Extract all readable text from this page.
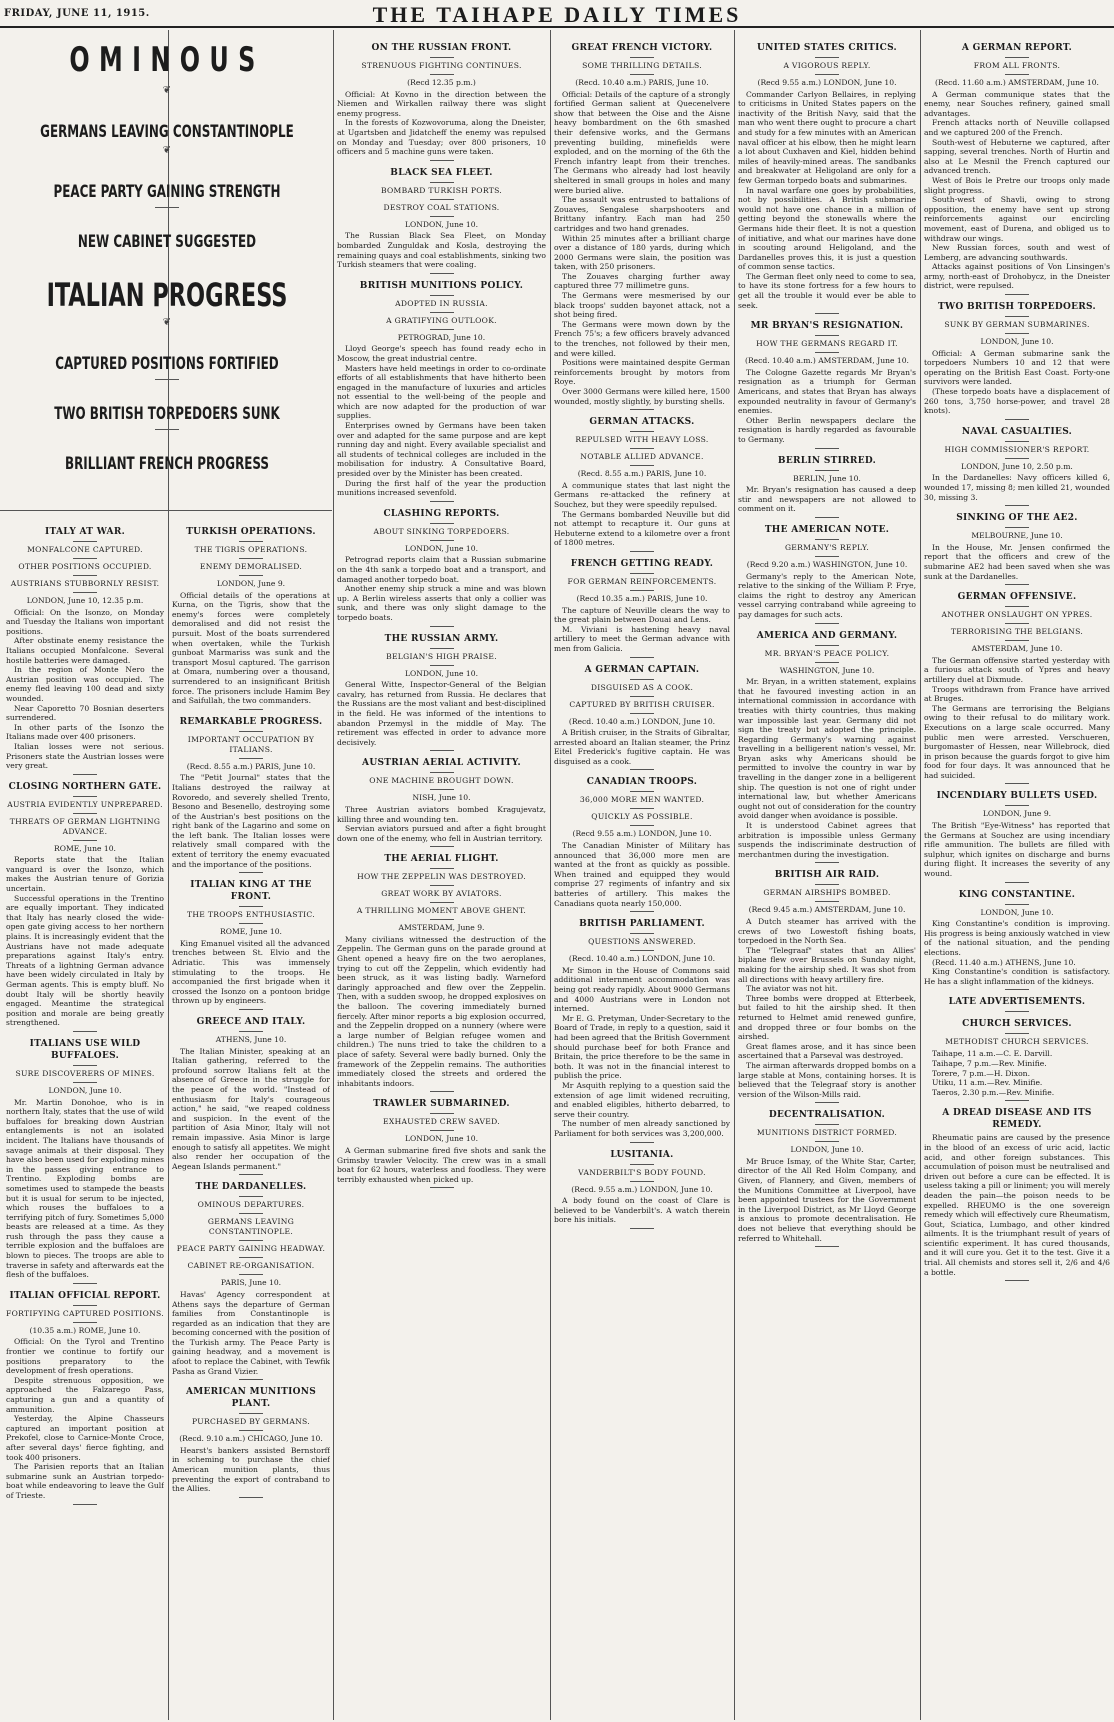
FRIDAY, JUNE 11, 1915.	THE TAIHAPE DAILY TIMES
OMINOUS
❦
GERMANS LEAVING CONSTANTINOPLE
❦
PEACE PARTY GAINING STRENGTH
NEW CABINET SUGGESTED
ITALIAN PROGRESS
❦
CAPTURED POSITIONS FORTIFIED
TWO BRITISH TORPEDOERS SUNK
BRILLIANT FRENCH PROGRESS
ITALY AT WAR.
MONFALCONE CAPTURED.
OTHER POSITIONS OCCUPIED.
AUSTRIANS STUBBORNLY RESIST.
LONDON, June 10, 12.35 p.m.

Official: On the Isonzo, on Monday and Tuesday the Italians won important positions.

After obstinate enemy resistance the Italians occupied Monfalcone. Several hostile batteries were damaged.

In the region of Monte Nero the Austrian position was occupied. The enemy fled leaving 100 dead and sixty wounded.

Near Caporetto 70 Bosnian deserters surrendered.

In other parts of the Isonzo the Italians made over 400 prisoners.

Italian losses were not serious. Prisoners state the Austrian losses were very great.

CLOSING NORTHERN GATE.
AUSTRIA EVIDENTLY UNPREPARED.
THREATS OF GERMAN LIGHTNING ADVANCE.
ROME, June 10.

Reports state that the Italian vanguard is over the Isonzo, which makes the Austrian tenure of Gorizia uncertain.

Successful operations in the Trentino are equally important. They indicated that Italy has nearly closed the wide-open gate giving access to her northern plains. It is increasingly evident that the Austrians have not made adequate preparations against Italy's entry. Threats of a lightning German advance have been widely circulated in Italy by German agents. This is empty bluff. No doubt Italy will be shortly heavily engaged. Meantime the strategical position and morale are being greatly strengthened.

ITALIANS USE WILD BUFFALOES.
SURE DISCOVERERS OF MINES.
LONDON, June 10.

Mr. Martin Donohoe, who is in northern Italy, states that the use of wild buffaloes for breaking down Austrian entanglements is not an isolated incident. The Italians have thousands of savage animals at their disposal. They have also been used for exploding mines in the passes giving entrance to Trentino. Exploding bombs are sometimes used to stampede the beasts but it is usual for serum to be injected, which rouses the buffaloes to a terrifying pitch of fury. Sometimes 5,000 beasts are released at a time. As they rush through the pass they cause a terrible explosion and the buffaloes are blown to pieces. The troops are able to traverse in safety and afterwards eat the flesh of the buffaloes.

ITALIAN OFFICIAL REPORT.
FORTIFYING CAPTURED POSITIONS.
(10.35 a.m.) ROME, June 10.

Official: On the Tyrol and Trentino frontier we continue to fortify our positions preparatory to the development of fresh operations.

Despite strenuous opposition, we approached the Falzarego Pass, capturing a gun and a quantity of ammunition.

Yesterday, the Alpine Chasseurs captured an important position at Prekofel, close to Carnice-Monte Croce, after several days' fierce fighting, and took 400 prisoners.

The Parisien reports that an Italian submarine sunk an Austrian torpedo-boat while endeavoring to leave the Gulf of Trieste.

TURKISH OPERATIONS.
THE TIGRIS OPERATIONS.
ENEMY DEMORALISED.
LONDON, June 9.

Official details of the operations at Kurna, on the Tigris, show that the enemy's forces were completely demoralised and did not resist the pursuit. Most of the boats surrendered when overtaken, while the Turkish gunboat Marmariss was sunk and the transport Mosul captured. The garrison at Omara, numbering over a thousand, surrendered to an insignificant British force. The prisoners include Hamim Bey and Saifullah, the two commanders.

REMARKABLE PROGRESS.
IMPORTANT OCCUPATION BY ITALIANS.
(Recd. 8.55 a.m.) PARIS, June 10.

The "Petit Journal" states that the Italians destroyed the railway at Rovoredo, and severely shelled Trento, Besono and Besenello, destroying some of the Austrian's best positions on the right bank of the Lagarino and some on the left bank. The Italian losses were relatively small compared with the extent of territory the enemy evacuated and the importance of the positions.

ITALIAN KING AT THE FRONT.
THE TROOPS ENTHUSIASTIC.
ROME, June 10.

King Emanuel visited all the advanced trenches between St. Elvio and the Adriatic. This was immensely stimulating to the troops. He accompanied the first brigade when it crossed the Isonzo on a pontoon bridge thrown up by engineers.

GREECE AND ITALY.
ATHENS, June 10.

The Italian Minister, speaking at an Italian gathering, referred to the profound sorrow Italians felt at the absence of Greece in the struggle for the peace of the world. "Instead of enthusiasm for Italy's courageous action," he said, "we reaped coldness and suspicion. In the event of the partition of Asia Minor, Italy will not remain impassive. Asia Minor is large enough to satisfy all appetites. We might also render her occupation of the Aegean Islands permanent."

THE DARDANELLES.
OMINOUS DEPARTURES.
GERMANS LEAVING CONSTANTINOPLE.
PEACE PARTY GAINING HEADWAY.
CABINET RE-ORGANISATION.
PARIS, June 10.

Havas' Agency correspondent at Athens says the departure of German families from Constantinople is regarded as an indication that they are becoming concerned with the position of the Turkish army. The Peace Party is gaining headway, and a movement is afoot to replace the Cabinet, with Tewfik Pasha as Grand Vizier.

AMERICAN MUNITIONS PLANT.
PURCHASED BY GERMANS.
(Recd. 9.10 a.m.) CHICAGO, June 10.

Hearst's bankers assisted Bernstorff in scheming to purchase the chief American munition plants, thus preventing the export of contraband to the Allies.

ON THE RUSSIAN FRONT.
STRENUOUS FIGHTING CONTINUES.
(Recd 12.35 p.m.)

Official: At Kovno in the direction between the Niemen and Wirkallen railway there was slight enemy progress.

In the forests of Kozwovoruma, along the Dneister, at Ugartsben and Jidatcheff the enemy was repulsed on Monday and Tuesday; over 800 prisoners, 10 officers and 5 machine guns were taken.

BLACK SEA FLEET.
BOMBARD TURKISH PORTS.
DESTROY COAL STATIONS.
LONDON, June 10.

The Russian Black Sea Fleet, on Monday bombarded Zunguldak and Kosla, destroying the remaining quays and coal establishments, sinking two Turkish steamers that were coaling.

BRITISH MUNITIONS POLICY.
ADOPTED IN RUSSIA.
A GRATIFYING OUTLOOK.
PETROGRAD, June 10.

Lloyd George's speech has found ready echo in Moscow, the great industrial centre.

Masters have held meetings in order to co-ordinate efforts of all establishments that have hitherto been engaged in the manufacture of luxuries and articles not essential to the well-being of the people and which are now adapted for the production of war supplies.

Enterprises owned by Germans have been taken over and adapted for the same purpose and are kept running day and night. Every available specialist and all students of technical colleges are included in the mobilisation for industry. A Consultative Board, presided over by the Minister has been created.

During the first half of the year the production munitions increased sevenfold.

CLASHING REPORTS.
ABOUT SINKING TORPEDOERS.
LONDON, June 10.

Petrograd reports claim that a Russian submarine on the 4th sank a torpedo boat and a transport, and damaged another torpedo boat.

Another enemy ship struck a mine and was blown up. A Berlin wireless asserts that only a collier was sunk, and there was only slight damage to the torpedo boats.

THE RUSSIAN ARMY.
BELGIAN'S HIGH PRAISE.
LONDON, June 10.

General Witte, Inspector-General of the Belgian cavalry, has returned from Russia. He declares that the Russians are the most valiant and best-disciplined in the field. He was informed of the intentions to abandon Przemysl in the middle of May. The retirement was effected in order to advance more decisively.

AUSTRIAN AERIAL ACTIVITY.
ONE MACHINE BROUGHT DOWN.
NISH, June 10.

Three Austrian aviators bombed Kragujevatz, killing three and wounding ten.

Servian aviators pursued and after a fight brought down one of the enemy, who fell in Austrian territory.

THE AERIAL FLIGHT.
HOW THE ZEPPELIN WAS DESTROYED.
GREAT WORK BY AVIATORS.
A THRILLING MOMENT ABOVE GHENT.
AMSTERDAM, June 9.

Many civilians witnessed the destruction of the Zeppelin. The German guns on the parade ground at Ghent opened a heavy fire on the two aeroplanes, trying to cut off the Zeppelin, which evidently had been struck, as it was listing badly. Warneford daringly approached and flew over the Zeppelin. Then, with a sudden swoop, he dropped explosives on the balloon. The covering immediately burned fiercely. After minor reports a big explosion occurred, and the Zeppelin dropped on a nunnery (where were a large number of Belgian refugee women and children.) The nuns tried to take the children to a place of safety. Several were badly burned. Only the framework of the Zeppelin remains. The authorities immediately closed the streets and ordered the inhabitants indoors.

TRAWLER SUBMARINED.
EXHAUSTED CREW SAVED.
LONDON, June 10.

A German submarine fired five shots and sank the Grimsby trawler Velocity. The crew was in a small boat for 62 hours, waterless and foodless. They were terribly exhausted when picked up.

GREAT FRENCH VICTORY.
SOME THRILLING DETAILS.
(Recd. 10.40 a.m.) PARIS, June 10.

Official: Details of the capture of a strongly fortified German salient at Quecenelvere show that between the Oise and the Aisne heavy bombardment on the 6th smashed their defensive works, and the Germans preventing building, minefields were exploded, and on the morning of the 6th the French infantry leapt from their trenches. The Germans who already had lost heavily sheltered in small groups in holes and many were buried alive.

The assault was entrusted to battalions of Zouaves, Sengalese sharpshooters and Brittany infantry. Each man had 250 cartridges and two hand grenades.

Within 25 minutes after a brilliant charge over a distance of 180 yards, during which 2000 Germans were slain, the position was taken, with 250 prisoners.

The Zouaves charging further away captured three 77 millimetre guns.

The Germans were mesmerised by our black troops' sudden bayonet attack, not a shot being fired.

The Germans were mown down by the French 75's; a few officers bravely advanced to the trenches, not followed by their men, and were killed.

Positions were maintained despite German reinforcements brought by motors from Roye.

Over 3000 Germans were killed here, 1500 wounded, mostly slightly, by bursting shells.

GERMAN ATTACKS.
REPULSED WITH HEAVY LOSS.
NOTABLE ALLIED ADVANCE.
(Recd. 8.55 a.m.) PARIS, June 10.

A communique states that last night the Germans re-attacked the refinery at Souchez, but they were speedily repulsed.

The Germans bombarded Neuville but did not attempt to recapture it. Our guns at Hebuterne extend to a kilometre over a front of 1800 metres.

FRENCH GETTING READY.
FOR GERMAN REINFORCEMENTS.
(Recd 10.35 a.m.) PARIS, June 10.

The capture of Neuville clears the way to the great plain between Douai and Lens.

M. Viviani is hastening heavy naval artillery to meet the German advance with men from Galicia.

A GERMAN CAPTAIN.
DISGUISED AS A COOK.
CAPTURED BY BRITISH CRUISER.
(Recd. 10.40 a.m.) LONDON, June 10.

A British cruiser, in the Straits of Gibraltar, arrested aboard an Italian steamer, the Prinz Eitel Frederick's fugitive captain. He was disguised as a cook.

CANADIAN TROOPS.
36,000 MORE MEN WANTED.
QUICKLY AS POSSIBLE.
(Recd 9.55 a.m.) LONDON, June 10.

The Canadian Minister of Military has announced that 36,000 more men are wanted at the front as quickly as possible. When trained and equipped they would comprise 27 regiments of infantry and six batteries of artillery. This makes the Canadians quota nearly 150,000.

BRITISH PARLIAMENT.
QUESTIONS ANSWERED.
(Recd. 10.40 a.m.) LONDON, June 10.

Mr Simon in the House of Commons said additional internment accommodation was being got ready rapidly. About 9000 Germans and 4000 Austrians were in London not interned.

Mr E. G. Pretyman, Under-Secretary to the Board of Trade, in reply to a question, said it had been agreed that the British Government should purchase beef for both France and Britain, the price therefore to be the same in both. It was not in the financial interest to publish the price.

Mr Asquith replying to a question said the extension of age limit widened recruiting, and enabled eligibles, hitherto debarred, to serve their country.

The number of men already sanctioned by Parliament for both services was 3,200,000.

LUSITANIA.
VANDERBILT'S BODY FOUND.
(Recd. 9.55 a.m.) LONDON, June 10.

A body found on the coast of Clare is believed to be Vanderbilt's. A watch therein bore his initials.

UNITED STATES CRITICS.
A VIGOROUS REPLY.
(Recd 9.55 a.m.) LONDON, June 10.

Commander Carlyon Bellaires, in replying to criticisms in United States papers on the inactivity of the British Navy, said that the man who went there ought to procure a chart and study for a few minutes with an American naval officer at his elbow, then he might learn a lot about Cuxhaven and Kiel, hidden behind miles of heavily-mined areas. The sandbanks and breakwater at Heligoland are only for a few German torpedo boats and submarines.

In naval warfare one goes by probabilities, not by possibilities. A British submarine would not have one chance in a million of getting beyond the stonewalls where the Germans hide their fleet. It is not a question of initiative, and what our marines have done in scouting around Heligoland, and the Dardanelles proves this, it is just a question of common sense tactics.

The German fleet only need to come to sea, to have its stone fortress for a few hours to get all the trouble it would ever be able to seek.

MR BRYAN'S RESIGNATION.
HOW THE GERMANS REGARD IT.
(Recd. 10.40 a.m.) AMSTERDAM, June 10.

The Cologne Gazette regards Mr Bryan's resignation as a triumph for German Americans, and states that Bryan has always expounded neutrality in favour of Germany's enemies.

Other Berlin newspapers declare the resignation is hardly regarded as favourable to Germany.

BERLIN STIRRED.
BERLIN, June 10.

Mr. Bryan's resignation has caused a deep stir and newspapers are not allowed to comment on it.

THE AMERICAN NOTE.
GERMANY'S REPLY.
(Recd 9.20 a.m.) WASHINGTON, June 10.

Germany's reply to the American Note, relative to the sinking of the William P. Frye, claims the right to destroy any American vessel carrying contraband while agreeing to pay damages for such acts.

AMERICA AND GERMANY.
MR. BRYAN'S PEACE POLICY.
WASHINGTON, June 10.

Mr. Bryan, in a written statement, explains that he favoured investing action in an international commission in accordance with treaties with thirty countries, thus making war impossible last year. Germany did not sign the treaty but adopted the principle. Regarding Germany's warning against travelling in a belligerent nation's vessel, Mr. Bryan asks why Americans should be permitted to involve the country in war by travelling in the danger zone in a belligerent ship. The question is not one of right under international law, but whether Americans ought not out of consideration for the country avoid danger when avoidance is possible.

It is understood Cabinet agrees that arbitration is impossible unless Germany suspends the indiscriminate destruction of merchantmen during the investigation.

BRITISH AIR RAID.
GERMAN AIRSHIPS BOMBED.
(Recd 9.45 a.m.) AMSTERDAM, June 10.

A Dutch steamer has arrived with the crews of two Lowestoft fishing boats, torpedoed in the North Sea.

The "Telegraaf" states that an Allies' biplane flew over Brussels on Sunday night, making for the airship shed. It was shot from all directions with heavy artillery fire.

The aviator was not hit.

Three bombs were dropped at Etterbeek, but failed to hit the airship shed. It then returned to Helmet amid renewed gunfire, and dropped three or four bombs on the airshed.

Great flames arose, and it has since been ascertained that a Parseval was destroyed.

The airman afterwards dropped bombs on a large stable at Mons, containing horses. It is believed that the Telegraaf story is another version of the Wilson-Mills raid.

DECENTRALISATION.
MUNITIONS DISTRICT FORMED.
LONDON, June 10.

Mr Bruce Ismay, of the White Star, Carter, director of the All Red Holm Company, and Given, of Flannery, and Given, members of the Munitions Committee at Liverpool, have been appointed trustees for the Government in the Liverpool District, as Mr Lloyd George is anxious to promote decentralisation. He does not believe that everything should be referred to Whitehall.

A GERMAN REPORT.
FROM ALL FRONTS.
(Recd. 11.60 a.m.) AMSTERDAM, June 10.

A German communique states that the enemy, near Souches refinery, gained small advantages.

French attacks north of Neuville collapsed and we captured 200 of the French.

South-west of Hebuterne we captured, after sapping, several trenches. North of Hurtin and also at Le Mesnil the French captured our advanced trench.

West of Bois le Pretre our troops only made slight progress.

South-west of Shavli, owing to strong opposition, the enemy have sent up strong reinforcements against our encircling movement, east of Durena, and obliged us to withdraw our wings.

New Russian forces, south and west of Lemberg, are advancing southwards.

Attacks against positions of Von Linsingen's army, north-east of Drohobycz, in the Dneister district, were repulsed.

TWO BRITISH TORPEDOERS.
SUNK BY GERMAN SUBMARINES.
LONDON, June 10.

Official: A German submarine sank the torpedoers Numbers 10 and 12 that were operating on the British East Coast. Forty-one survivors were landed.

(These torpedo boats have a displacement of 260 tons, 3,750 horse-power, and travel 28 knots).

NAVAL CASUALTIES.
HIGH COMMISSIONER'S REPORT.
LONDON, June 10, 2.50 p.m.

In the Dardanelles: Navy officers killed 6, wounded 17, missing 8; men killed 21, wounded 30, missing 3.

SINKING OF THE AE2.
MELBOURNE, June 10.

In the House, Mr. Jensen confirmed the report that the officers and crew of the submarine AE2 had been saved when she was sunk at the Dardanelles.

GERMAN OFFENSIVE.
ANOTHER ONSLAUGHT ON YPRES.
TERRORISING THE BELGIANS.
AMSTERDAM, June 10.

The German offensive started yesterday with a furious attack south of Ypres and heavy artillery duel at Dixmude.

Troops withdrawn from France have arrived at Bruges.

The Germans are terrorising the Belgians owing to their refusal to do military work. Executions on a large scale occurred. Many public men were arrested. Verschueren, burgomaster of Hessen, near Willebrock, died in prison because the guards forgot to give him food for four days. It was announced that he had suicided.

INCENDIARY BULLETS USED.
LONDON, June 9.

The British "Eye-Witness" has reported that the Germans at Souchez are using incendiary rifle ammunition. The bullets are filled with sulphur, which ignites on discharge and burns during flight. It increases the severity of any wound.

KING CONSTANTINE.
LONDON, June 10.

King Constantine's condition is improving. His progress is being anxiously watched in view of the national situation, and the pending elections.

(Recd. 11.40 a.m.) ATHENS, June 10.

King Constantine's condition is satisfactory. He has a slight inflammation of the kidneys.

LATE ADVERTISEMENTS.
CHURCH SERVICES.
METHODIST CHURCH SERVICES.

Taihape, 11 a.m.—C. E. Darvill.

Taihape, 7 p.m.—Rev. Minifie.

Torere, 7 p.m.—H. Dixon.

Utiku, 11 a.m.—Rev. Minifie.

Taeros, 2.30 p.m.—Rev. Minifie.

A DREAD DISEASE AND ITS REMEDY.

Rheumatic pains are caused by the presence in the blood of an excess of uric acid, lactic acid, and other foreign substances. This accumulation of poison must be neutralised and driven out before a cure can be effected. It is useless taking a pill or liniment; you will merely deaden the pain—the poison needs to be expelled. RHEUMO is the one sovereign remedy which will effectively cure Rheumatism, Gout, Sciatica, Lumbago, and other kindred ailments. It is the triumphant result of years of scientific experiment. It has cured thousands, and it will cure you. Get it to the test. Give it a trial. All chemists and stores sell it, 2/6 and 4/6 a bottle.
